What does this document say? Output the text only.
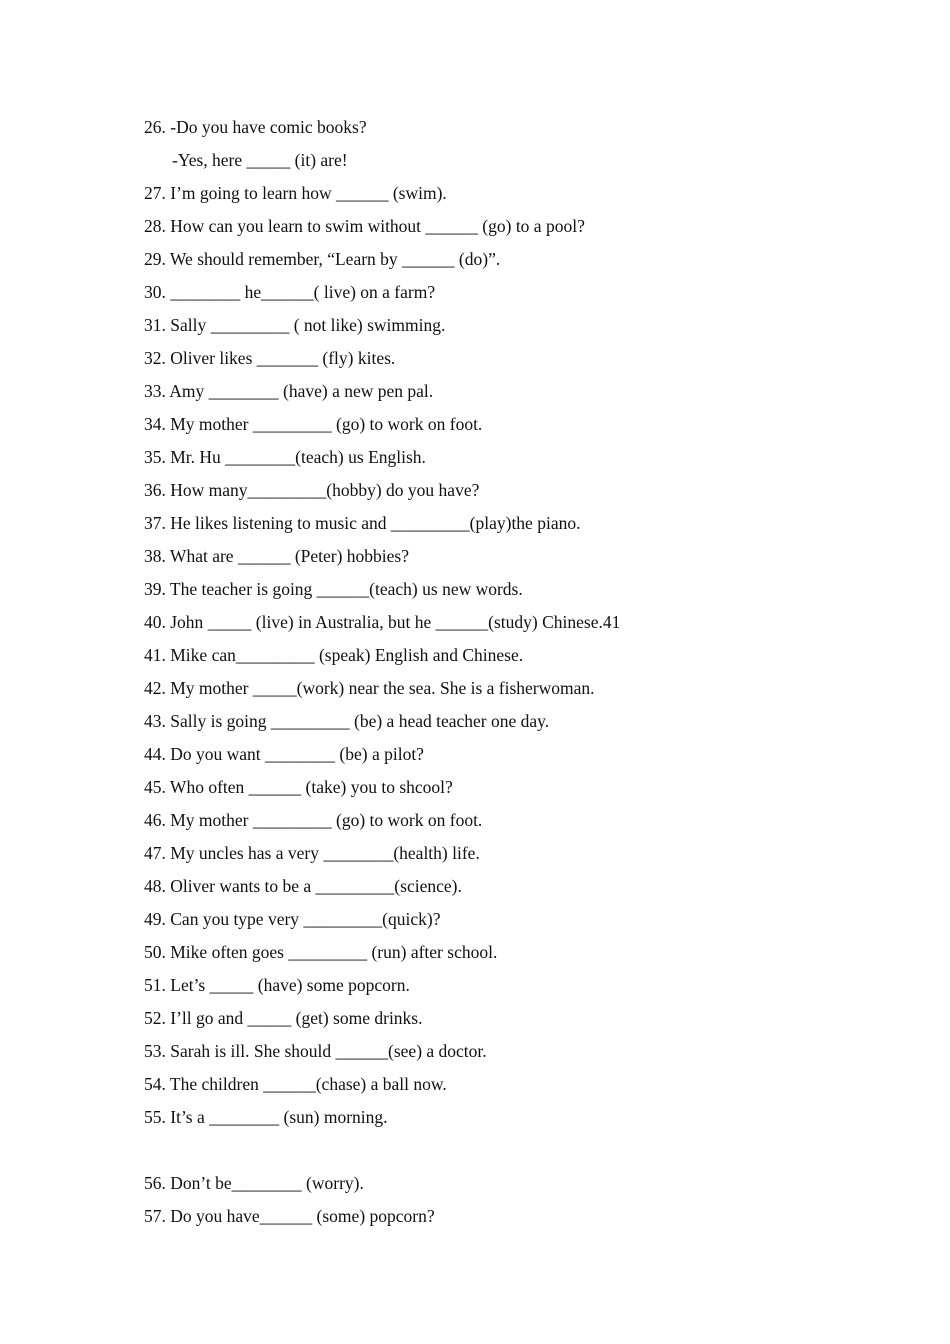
26. -Do you have comic books?
-Yes, here _____ (it) are!
27. I’m going to learn how ______ (swim).
28. How can you learn to swim without ______ (go) to a pool?
29. We should remember, “Learn by ______ (do)”.
30. ________ he______( live) on a farm?
31. Sally _________ ( not like) swimming.
32. Oliver likes _______ (fly) kites.
33. Amy ________ (have) a new pen pal.
34. My mother _________ (go) to work on foot.
35. Mr. Hu ________(teach) us English.
36. How many_________(hobby) do you have?
37. He likes listening to music and _________(play)the piano.
38. What are ______ (Peter) hobbies?
39. The teacher is going ______(teach) us new words.
40. John _____ (live) in Australia, but he ______(study) Chinese.41
41. Mike can_________ (speak) English and Chinese.
42. My mother _____(work) near the sea. She is a fisherwoman.
43. Sally is going _________ (be) a head teacher one day.
44. Do you want ________ (be) a pilot?
45. Who often ______ (take) you to shcool?
46. My mother _________ (go) to work on foot.
47. My uncles has a very ________(health) life.
48. Oliver wants to be a _________(science).
49. Can you type very _________(quick)?
50. Mike often goes _________ (run) after school.
51. Let’s _____ (have) some popcorn.
52. I’ll go and _____ (get) some drinks.
53. Sarah is ill. She should ______(see) a doctor.
54. The children ______(chase) a ball now.
55. It’s a ________ (sun) morning.
56. Don’t be________ (worry).
57. Do you have______ (some) popcorn?
